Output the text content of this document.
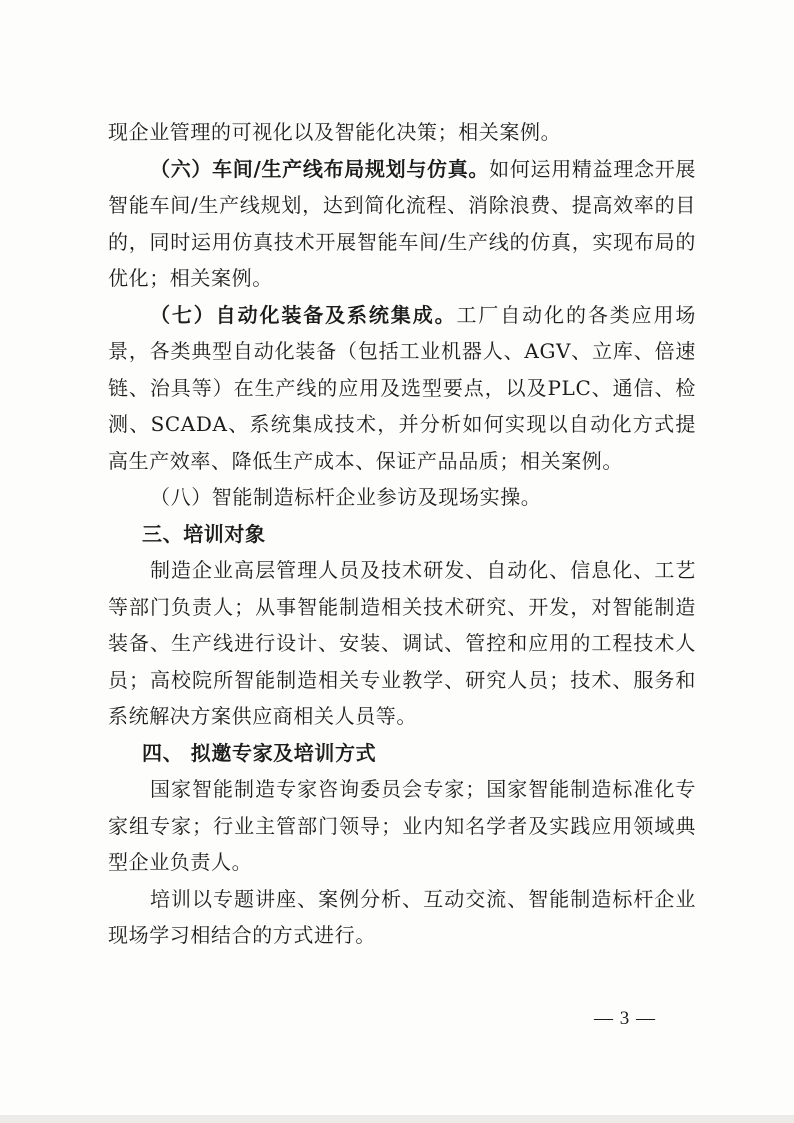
现企业管理的可视化以及智能化决策；相关案例。

（六）车间/生产线布局规划与仿真。如何运用精益理念开展智能车间/生产线规划，达到简化流程、消除浪费、提高效率的目的，同时运用仿真技术开展智能车间/生产线的仿真，实现布局的优化；相关案例。

（七）自动化装备及系统集成。工厂自动化的各类应用场景，各类典型自动化装备（包括工业机器人、AGV、立库、倍速链、治具等）在生产线的应用及选型要点，以及PLC、通信、检测、SCADA、系统集成技术，并分析如何实现以自动化方式提高生产效率、降低生产成本、保证产品品质；相关案例。

（八）智能制造标杆企业参访及现场实操。

三、培训对象

制造企业高层管理人员及技术研发、自动化、信息化、工艺等部门负责人；从事智能制造相关技术研究、开发，对智能制造装备、生产线进行设计、安装、调试、管控和应用的工程技术人员；高校院所智能制造相关专业教学、研究人员；技术、服务和系统解决方案供应商相关人员等。

四、 拟邀专家及培训方式

国家智能制造专家咨询委员会专家；国家智能制造标准化专家组专家；行业主管部门领导；业内知名学者及实践应用领域典型企业负责人。

培训以专题讲座、案例分析、互动交流、智能制造标杆企业现场学习相结合的方式进行。

— 3 —
